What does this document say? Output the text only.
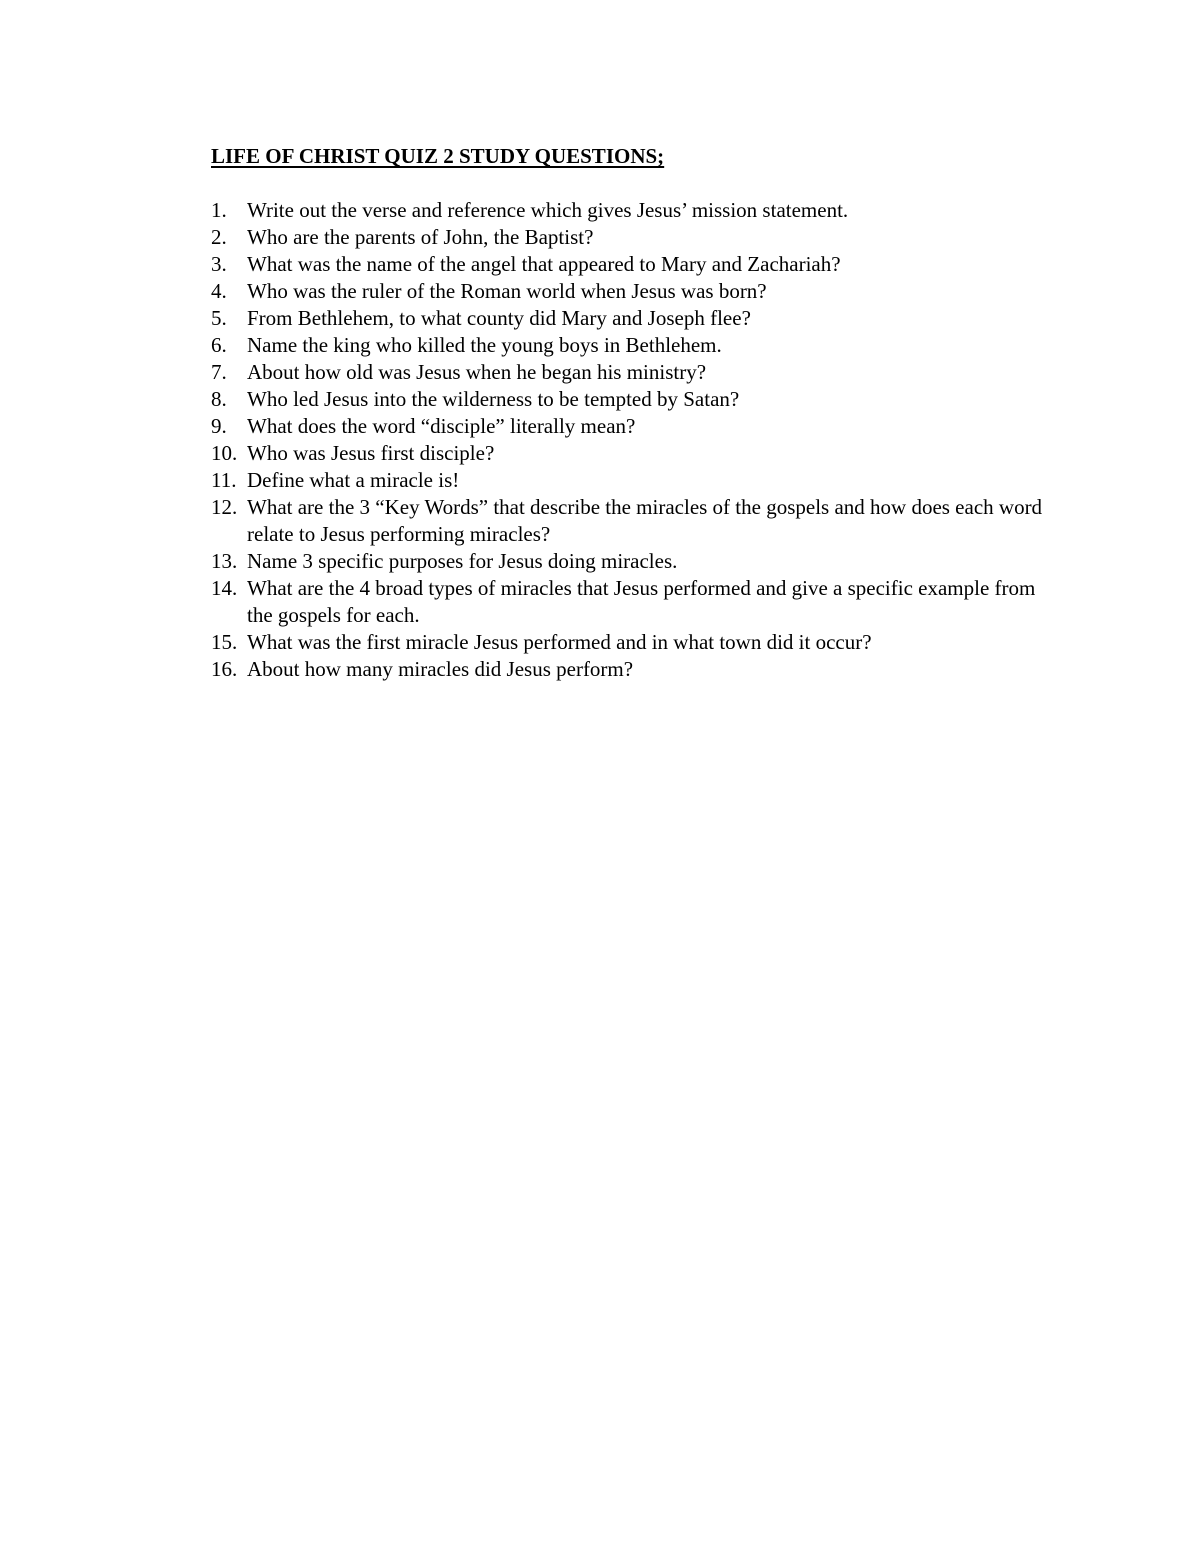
LIFE OF CHRIST QUIZ 2 STUDY QUESTIONS;
1. Write out the verse and reference which gives Jesus’ mission statement.
2. Who are the parents of John, the Baptist?
3. What was the name of the angel that appeared to Mary and Zachariah?
4. Who was the ruler of the Roman world when Jesus was born?
5. From Bethlehem, to what county did Mary and Joseph flee?
6. Name the king who killed the young boys in Bethlehem.
7. About how old was Jesus when he began his ministry?
8. Who led Jesus into the wilderness to be tempted by Satan?
9. What does the word “disciple” literally mean?
10. Who was Jesus first disciple?
11. Define what a miracle is!
12. What are the 3 “Key Words” that describe the miracles of the gospels and how does each word relate to Jesus performing miracles?
13. Name 3 specific purposes for Jesus doing miracles.
14. What are the 4 broad types of miracles that Jesus performed and give a specific example from the gospels for each.
15. What was the first miracle Jesus performed and in what town did it occur?
16. About how many miracles did Jesus perform?
